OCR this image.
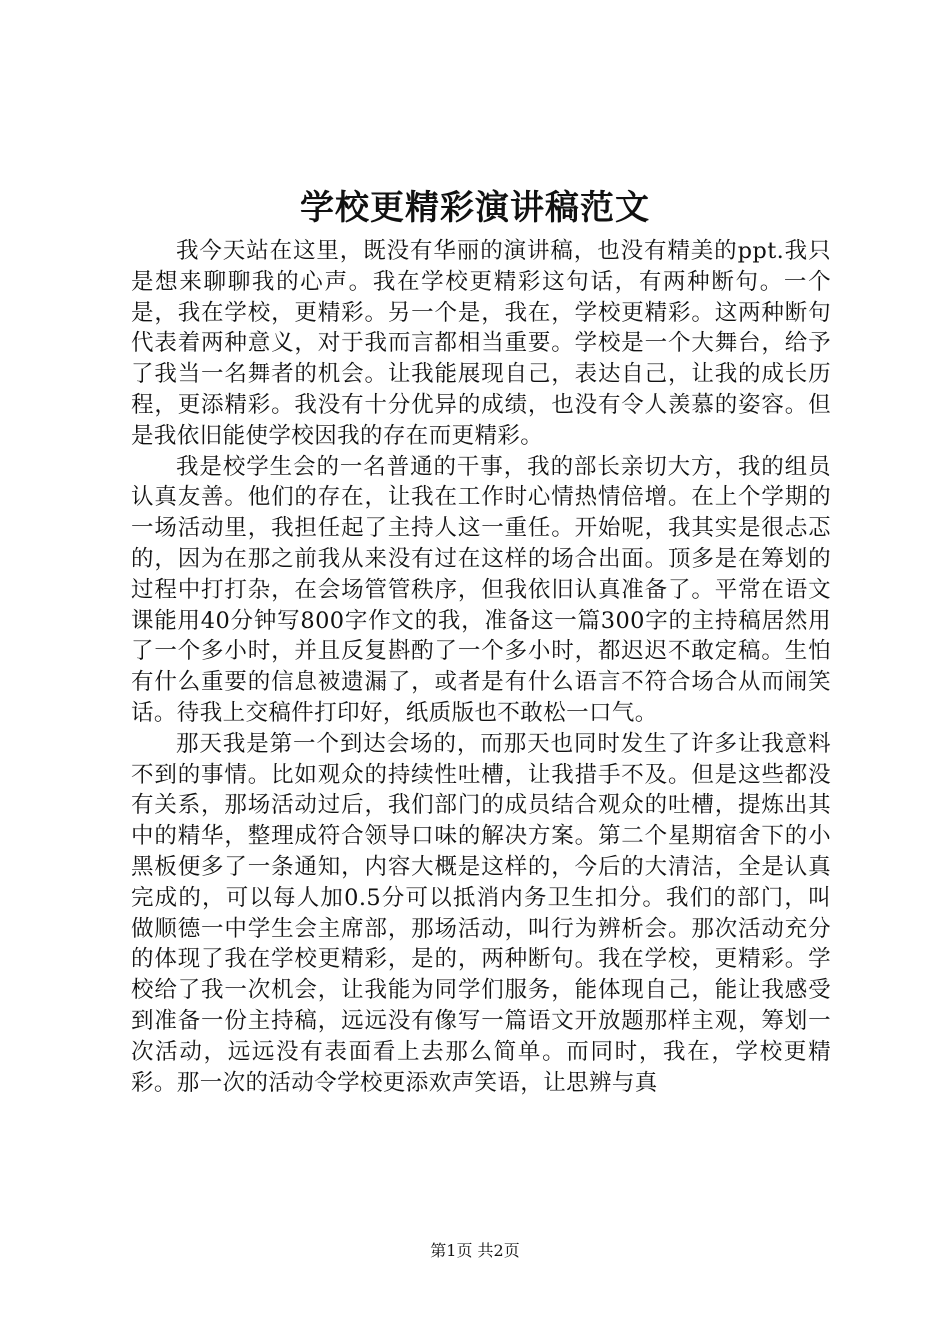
学校更精彩演讲稿范文

我今天站在这里，既没有华丽的演讲稿，也没有精美的ppt.我只是想来聊聊我的心声。我在学校更精彩这句话，有两种断句。一个是，我在学校，更精彩。另一个是，我在，学校更精彩。这两种断句代表着两种意义，对于我而言都相当重要。学校是一个大舞台，给予了我当一名舞者的机会。让我能展现自己，表达自己，让我的成长历程，更添精彩。我没有十分优异的成绩，也没有令人羡慕的姿容。但是我依旧能使学校因我的存在而更精彩。

我是校学生会的一名普通的干事，我的部长亲切大方，我的组员认真友善。他们的存在，让我在工作时心情热情倍增。在上个学期的一场活动里，我担任起了主持人这一重任。开始呢，我其实是很忐忑的，因为在那之前我从来没有过在这样的场合出面。顶多是在筹划的过程中打打杂，在会场管管秩序，但我依旧认真准备了。平常在语文课能用40分钟写800字作文的我，准备这一篇300字的主持稿居然用了一个多小时，并且反复斟酌了一个多小时，都迟迟不敢定稿。生怕有什么重要的信息被遗漏了，或者是有什么语言不符合场合从而闹笑话。待我上交稿件打印好，纸质版也不敢松一口气。

那天我是第一个到达会场的，而那天也同时发生了许多让我意料不到的事情。比如观众的持续性吐槽，让我措手不及。但是这些都没有关系，那场活动过后，我们部门的成员结合观众的吐槽，提炼出其中的精华，整理成符合领导口味的解决方案。第二个星期宿舍下的小黑板便多了一条通知，内容大概是这样的，今后的大清洁，全是认真完成的，可以每人加0.5分可以抵消内务卫生扣分。我们的部门，叫做顺德一中学生会主席部，那场活动，叫行为辨析会。那次活动充分的体现了我在学校更精彩，是的，两种断句。我在学校，更精彩。学校给了我一次机会，让我能为同学们服务，能体现自己，能让我感受到准备一份主持稿，远远没有像写一篇语文开放题那样主观，筹划一次活动，远远没有表面看上去那么简单。而同时，我在，学校更精彩。那一次的活动令学校更添欢声笑语，让思辨与真

第1页 共2页
